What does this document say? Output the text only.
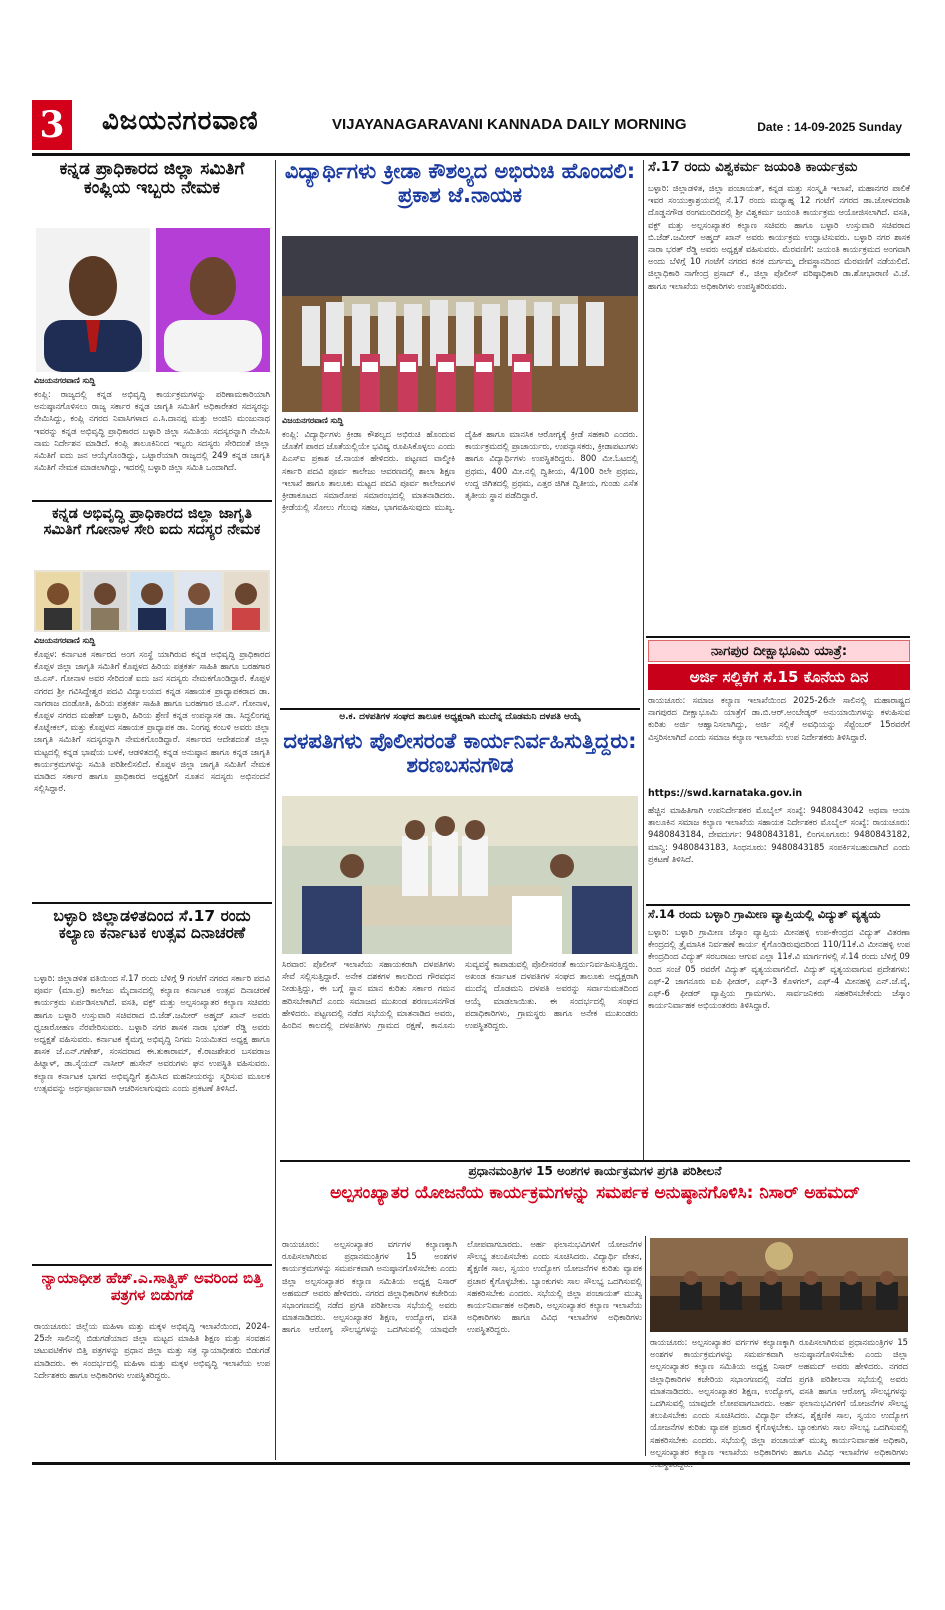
3 ವಿಜಯನಗರವಾಣಿ	VIJAYANAGARAVANI KANNADA DAILY MORNING	Date : 14-09-2025 Sunday
ಕನ್ನಡ ಪ್ರಾಧಿಕಾರದ ಜಿಲ್ಲಾ ಸಮಿತಿಗೆ ಕಂಪ್ಲಿಯ ಇಬ್ಬರು ನೇಮಕ
ವಿಜಯನಗರವಾಣಿ ಸುದ್ದಿ
ಕಂಪ್ಲಿ: ರಾಜ್ಯದಲ್ಲಿ ಕನ್ನಡ ಅಭಿವೃದ್ಧಿ ಕಾರ್ಯಕ್ರಮಗಳನ್ನು ಪರಿಣಾಮಕಾರಿಯಾಗಿ ಅನುಷ್ಠಾನಗೊಳಿಸಲು ರಾಜ್ಯ ಸರ್ಕಾರ ಕನ್ನಡ ಜಾಗೃತಿ ಸಮಿತಿಗೆ ಅಧಿಕಾರೇತರ ಸದಸ್ಯರನ್ನು ನೇಮಿಸಿದ್ದು, ಕಂಪ್ಲಿ ನಗರದ ನಿವಾಸಿಗಳಾದ ಎ.ಸಿ.ದಾನಪ್ಪ ಮತ್ತು ಅಂಜಿನಿ ಮಂಜುನಾಥ ಇವರನ್ನು ಕನ್ನಡ ಅಭಿವೃದ್ಧಿ ಪ್ರಾಧಿಕಾರದ ಬಳ್ಳಾರಿ ಜಿಲ್ಲಾ ಸಮಿತಿಯ ಸದಸ್ಯರನ್ನಾಗಿ ನೇಮಿಸಿ ನಾಮ ನಿರ್ದೇಶನ ಮಾಡಿದೆ. ಕಂಪ್ಲಿ ತಾಲೂಕಿನಿಂದ ಇಬ್ಬರು ಸದಸ್ಯರು ಸೇರಿದಂತೆ ಜಿಲ್ಲಾ ಸಮಿತಿಗೆ ಐದು ಜನ ಆಯ್ಕೆಗೊಂಡಿದ್ದು, ಒಟ್ಟಾರೆಯಾಗಿ ರಾಜ್ಯದಲ್ಲಿ 249 ಕನ್ನಡ ಜಾಗೃತಿ ಸಮಿತಿಗೆ ನೇಮಕ ಮಾಡಲಾಗಿದ್ದು, ಇದರಲ್ಲಿ ಬಳ್ಳಾರಿ ಜಿಲ್ಲಾ ಸಮಿತಿ ಒಂದಾಗಿದೆ.
ಕನ್ನಡ ಅಭಿವೃದ್ಧಿ ಪ್ರಾಧಿಕಾರದ ಜಿಲ್ಲಾ ಜಾಗೃತಿ ಸಮಿತಿಗೆ ಗೋನಾಳ ಸೇರಿ ಐದು ಸದಸ್ಯರ ನೇಮಕ
ವಿಜಯನಗರವಾಣಿ ಸುದ್ದಿ
ಕೊಪ್ಪಳ: ಕರ್ನಾಟಕ ಸರ್ಕಾರದ ಅಂಗ ಸಂಸ್ಥೆ ಯಾಗಿರುವ ಕನ್ನಡ ಅಭಿವೃದ್ಧಿ ಪ್ರಾಧಿಕಾರದ ಕೊಪ್ಪಳ ಜಿಲ್ಲಾ ಜಾಗೃತಿ ಸಮಿತಿಗೆ ಕೊಪ್ಪಳದ ಹಿರಿಯ ಪತ್ರಕರ್ತ ಸಾಹಿತಿ ಹಾಗೂ ಬರಹಗಾರ ಜಿ.ಎಸ್. ಗೋನಾಳ ಅವರ ಸೇರಿದಂತೆ ಐದು ಜನ ಸದಸ್ಯರು ನೇಮಕಗೊಂಡಿದ್ದಾರೆ. ಕೊಪ್ಪಳ ನಗರದ ಶ್ರೀ ಗವಿಸಿದ್ದೇಶ್ವರ ಪದವಿ ವಿದ್ಯಾಲಯದ ಕನ್ನಡ ಸಹಾಯಕ ಪ್ರಾಧ್ಯಾಪಕರಾದ ಡಾ. ನಾಗರಾಜ ದಂಡೋತಿ, ಹಿರಿಯ ಪತ್ರಕರ್ತ ಸಾಹಿತಿ ಹಾಗೂ ಬರಹಗಾರ ಜಿ.ಎಸ್. ಗೋನಾಳ, ಕೊಪ್ಪಳ ನಗರದ ಮಹೇಶ್ ಬಳ್ಳಾರಿ, ಹಿರಿಯ ಶ್ರೇಣಿ ಕನ್ನಡ ಉಪನ್ಯಾಸಕ ಡಾ. ಸಿದ್ಧಲಿಂಗಪ್ಪ ಕೊಟ್ನೇಕಲ್, ಮತ್ತು ಕೊಪ್ಪಳದ ಸಹಾಯಕ ಪ್ರಾಧ್ಯಾಪಕ ಡಾ. ನಿಂಗಪ್ಪ ಕಂಬಳಿ ಅವರು ಜಿಲ್ಲಾ ಜಾಗೃತಿ ಸಮಿತಿಗೆ ಸದಸ್ಯರನ್ನಾಗಿ ನೇಮಕಗೊಂಡಿದ್ದಾರೆ. ಸರ್ಕಾರದ ಆದೇಶದಂತೆ ಜಿಲ್ಲಾ ಮಟ್ಟದಲ್ಲಿ ಕನ್ನಡ ಭಾಷೆಯ ಬಳಕೆ, ಆಡಳಿತದಲ್ಲಿ ಕನ್ನಡ ಅನುಷ್ಠಾನ ಹಾಗೂ ಕನ್ನಡ ಜಾಗೃತಿ ಕಾರ್ಯಕ್ರಮಗಳನ್ನು ಸಮಿತಿ ಪರಿಶೀಲಿಸಲಿದೆ. ಕೊಪ್ಪಳ ಜಿಲ್ಲಾ ಜಾಗೃತಿ ಸಮಿತಿಗೆ ನೇಮಕ ಮಾಡಿದ ಸರ್ಕಾರ ಹಾಗೂ ಪ್ರಾಧಿಕಾರದ ಅಧ್ಯಕ್ಷರಿಗೆ ನೂತನ ಸದಸ್ಯರು ಅಭಿನಂದನೆ ಸಲ್ಲಿಸಿದ್ದಾರೆ.
ಬಳ್ಳಾರಿ ಜಿಲ್ಲಾಡಳಿತದಿಂದ ಸೆ.17 ರಂದು ಕಲ್ಯಾಣ ಕರ್ನಾಟಕ ಉತ್ಸವ ದಿನಾಚರಣೆ
ಬಳ್ಳಾರಿ: ಜಿಲ್ಲಾಡಳಿತ ವತಿಯಿಂದ ಸೆ.17 ರಂದು ಬೆಳಿಗ್ಗೆ 9 ಗಂಟೆಗೆ ನಗರದ ಸರ್ಕಾರಿ ಪದವಿ ಪೂರ್ವ (ಮಾ.ಪ್ರ) ಕಾಲೇಜು ಮೈದಾನದಲ್ಲಿ ಕಲ್ಯಾಣ ಕರ್ನಾಟಕ ಉತ್ಸವ ದಿನಾಚರಣೆ ಕಾರ್ಯಕ್ರಮ ಏರ್ಪಡಿಸಲಾಗಿದೆ. ವಸತಿ, ವಕ್ಫ್ ಮತ್ತು ಅಲ್ಪಸಂಖ್ಯಾತರ ಕಲ್ಯಾಣ ಸಚಿವರು ಹಾಗೂ ಬಳ್ಳಾರಿ ಉಸ್ತುವಾರಿ ಸಚಿವರಾದ ಬಿ.ಜೆಡ್.ಜಮೀರ್ ಅಹ್ಮದ್ ಖಾನ್ ಅವರು ಧ್ವಜಾರೋಹಣ ನೆರವೇರಿಸುವರು. ಬಳ್ಳಾರಿ ನಗರ ಶಾಸಕ ನಾರಾ ಭರತ್ ರೆಡ್ಡಿ ಅವರು ಅಧ್ಯಕ್ಷತೆ ವಹಿಸುವರು. ಕರ್ನಾಟಕ ಕೈಮಗ್ಗ ಅಭಿವೃದ್ಧಿ ನಿಗಮ ನಿಯಮಿತದ ಅಧ್ಯಕ್ಷ ಹಾಗೂ ಶಾಸಕ ಜೆ.ಎನ್.ಗಣೇಶ್, ಸಂಸದರಾದ ಈ.ತುಕಾರಾಮ್, ಕೆ.ರಾಜಶೇಖರ ಬಸವರಾಜ ಹಿಟ್ನಾಳ್, ಡಾ.ಸೈಯದ್ ನಾಸೀರ್ ಹುಸೇನ್ ಅವರುಗಳು ಘನ ಉಪಸ್ಥಿತಿ ವಹಿಸುವರು. ಕಲ್ಯಾಣ ಕರ್ನಾಟಕ ಭಾಗದ ಅಭಿವೃದ್ಧಿಗೆ ಶ್ರಮಿಸಿದ ಮಹನೀಯರನ್ನು ಸ್ಮರಿಸುವ ಮೂಲಕ ಉತ್ಸವವನ್ನು ಅರ್ಥಪೂರ್ಣವಾಗಿ ಆಚರಿಸಲಾಗುವುದು ಎಂದು ಪ್ರಕಟಣೆ ತಿಳಿಸಿದೆ.
ನ್ಯಾಯಾಧೀಶ ಹೆಚ್.ಎ.ಸಾತ್ವಿಕ್ ಅವರಿಂದ ಬಿತ್ತಿ ಪತ್ರಗಳ ಬಿಡುಗಡೆ
ರಾಯಚೂರು: ಜಿಲ್ಲೆಯ ಮಹಿಳಾ ಮತ್ತು ಮಕ್ಕಳ ಅಭಿವೃದ್ಧಿ ಇಲಾಖೆಯಿಂದ, 2024-25ನೇ ಸಾಲಿನಲ್ಲಿ ಬಿಡುಗಡೆಯಾದ ಜಿಲ್ಲಾ ಮಟ್ಟದ ಮಾಹಿತಿ ಶಿಕ್ಷಣ ಮತ್ತು ಸಂವಹನ ಚಟುವಟಿಕೆಗಳ ಬಿತ್ತಿ ಪತ್ರಗಳನ್ನು ಪ್ರಧಾನ ಜಿಲ್ಲಾ ಮತ್ತು ಸತ್ರ ನ್ಯಾಯಾಧೀಶರು ಬಿಡುಗಡೆ ಮಾಡಿದರು. ಈ ಸಂದರ್ಭದಲ್ಲಿ ಮಹಿಳಾ ಮತ್ತು ಮಕ್ಕಳ ಅಭಿವೃದ್ಧಿ ಇಲಾಖೆಯ ಉಪ ನಿರ್ದೇಶಕರು ಹಾಗೂ ಅಧಿಕಾರಿಗಳು ಉಪಸ್ಥಿತರಿದ್ದರು.
ವಿದ್ಯಾರ್ಥಿಗಳು ಕ್ರೀಡಾ ಕೌಶಲ್ಯದ ಅಭಿರುಚಿ ಹೊಂದಲಿ: ಪ್ರಕಾಶ ಜೆ.ನಾಯಕ
ವಿಜಯನಗರವಾಣಿ ಸುದ್ದಿ
ಕಂಪ್ಲಿ: ವಿದ್ಯಾರ್ಥಿಗಳು ಕ್ರೀಡಾ ಕೌಶಲ್ಯದ ಅಭಿರುಚಿ ಹೊಂದುವ ಜೊತೆಗೆ ಪಾಠದ ಜೊತೆಯಲ್ಲಿಯೇ ಭವಿಷ್ಯ ರೂಪಿಸಿಕೊಳ್ಳಲು ಎಂದು ಪಿಎಸ್ಐ ಪ್ರಕಾಶ ಜೆ.ನಾಯಕ ಹೇಳಿದರು. ಪಟ್ಟಣದ ವಾಲ್ಮೀಕಿ ಸರ್ಕಾರಿ ಪದವಿ ಪೂರ್ವ ಕಾಲೇಜು ಆವರಣದಲ್ಲಿ ಶಾಲಾ ಶಿಕ್ಷಣ ಇಲಾಖೆ ಹಾಗೂ ತಾಲೂಕು ಮಟ್ಟದ ಪದವಿ ಪೂರ್ವ ಕಾಲೇಜುಗಳ ಕ್ರೀಡಾಕೂಟದ ಸಮಾರೋಪ ಸಮಾರಂಭದಲ್ಲಿ ಮಾತನಾಡಿದರು. ಕ್ರೀಡೆಯಲ್ಲಿ ಸೋಲು ಗೆಲುವು ಸಹಜ, ಭಾಗವಹಿಸುವುದು ಮುಖ್ಯ. ದೈಹಿಕ ಹಾಗೂ ಮಾನಸಿಕ ಆರೋಗ್ಯಕ್ಕೆ ಕ್ರೀಡೆ ಸಹಕಾರಿ ಎಂದರು. ಕಾರ್ಯಕ್ರಮದಲ್ಲಿ ಪ್ರಾಚಾರ್ಯರು, ಉಪನ್ಯಾಸಕರು, ಕ್ರೀಡಾಪಟುಗಳು ಹಾಗೂ ವಿದ್ಯಾರ್ಥಿಗಳು ಉಪಸ್ಥಿತರಿದ್ದರು. 800 ಮೀ.ಓಟದಲ್ಲಿ ಪ್ರಥಮ, 400 ಮೀ.ನಲ್ಲಿ ದ್ವಿತೀಯ, 4/100 ರಿಲೇ ಪ್ರಥಮ, ಉದ್ದ ಜಿಗಿತದಲ್ಲಿ ಪ್ರಥಮ, ಎತ್ತರ ಜಿಗಿತ ದ್ವಿತೀಯ, ಗುಂಡು ಎಸೆತ ತೃತೀಯ ಸ್ಥಾನ ಪಡೆದಿದ್ದಾರೆ.
ಅ.ಕ. ದಳಪತಿಗಳ ಸಂಘದ ತಾಲೂಕ ಅಧ್ಯಕ್ಷರಾಗಿ ಮುದೆನ್ನ ದೊಡಮನಿ ದಳಪತಿ ಆಯ್ಕೆ
ದಳಪತಿಗಳು ಪೊಲೀಸರಂತೆ ಕಾರ್ಯನಿರ್ವಹಿಸುತ್ತಿದ್ದರು: ಶರಣಬಸನಗೌಡ
ಸಿರವಾರ: ಪೊಲೀಸ್ ಇಲಾಖೆಯ ಸಹಾಯಕರಾಗಿ ದಳಪತಿಗಳು ಸೇವೆ ಸಲ್ಲಿಸುತ್ತಿದ್ದಾರೆ. ಅನೇಕ ದಶಕಗಳ ಕಾಲದಿಂದ ಗೌರವಧನ ನೀಡುತ್ತಿದ್ದು, ಈ ಬಗ್ಗೆ ಸ್ಥಾನ ಮಾನ ಕುರಿತು ಸರ್ಕಾರ ಗಮನ ಹರಿಸಬೇಕಾಗಿದೆ ಎಂದು ಸಮಾಜದ ಮುಖಂಡ ಶರಣಬಸನಗೌಡ ಹೇಳಿದರು. ಪಟ್ಟಣದಲ್ಲಿ ನಡೆದ ಸಭೆಯಲ್ಲಿ ಮಾತನಾಡಿದ ಅವರು, ಹಿಂದಿನ ಕಾಲದಲ್ಲಿ ದಳಪತಿಗಳು ಗ್ರಾಮದ ರಕ್ಷಣೆ, ಕಾನೂನು ಸುವ್ಯವಸ್ಥೆ ಕಾಪಾಡುವಲ್ಲಿ ಪೊಲೀಸರಂತೆ ಕಾರ್ಯನಿರ್ವಹಿಸುತ್ತಿದ್ದರು. ಅಖಂಡ ಕರ್ನಾಟಕ ದಳಪತಿಗಳ ಸಂಘದ ತಾಲೂಕು ಅಧ್ಯಕ್ಷರಾಗಿ ಮುದೆನ್ನ ದೊಡಮನಿ ದಳಪತಿ ಅವರನ್ನು ಸರ್ವಾನುಮತದಿಂದ ಆಯ್ಕೆ ಮಾಡಲಾಯಿತು. ಈ ಸಂದರ್ಭದಲ್ಲಿ ಸಂಘದ ಪದಾಧಿಕಾರಿಗಳು, ಗ್ರಾಮಸ್ಥರು ಹಾಗೂ ಅನೇಕ ಮುಖಂಡರು ಉಪಸ್ಥಿತರಿದ್ದರು.
ಸೆ.17 ರಂದು ವಿಶ್ವಕರ್ಮ ಜಯಂತಿ ಕಾರ್ಯಕ್ರಮ
ಬಳ್ಳಾರಿ: ಜಿಲ್ಲಾಡಳಿತ, ಜಿಲ್ಲಾ ಪಂಚಾಯತ್, ಕನ್ನಡ ಮತ್ತು ಸಂಸ್ಕೃತಿ ಇಲಾಖೆ, ಮಹಾನಗರ ಪಾಲಿಕೆ ಇವರ ಸಂಯುಕ್ತಾಶ್ರಯದಲ್ಲಿ ಸೆ.17 ರಂದು ಮಧ್ಯಾಹ್ನ 12 ಗಂಟೆಗೆ ನಗರದ ಡಾ.ಜೋಳದರಾಶಿ ದೊಡ್ಡನಗೌಡ ರಂಗಮಂದಿರದಲ್ಲಿ ಶ್ರೀ ವಿಶ್ವಕರ್ಮ ಜಯಂತಿ ಕಾರ್ಯಕ್ರಮ ಆಯೋಜಿಸಲಾಗಿದೆ. ವಸತಿ, ವಕ್ಫ್ ಮತ್ತು ಅಲ್ಪಸಂಖ್ಯಾತರ ಕಲ್ಯಾಣ ಸಚಿವರು ಹಾಗೂ ಬಳ್ಳಾರಿ ಉಸ್ತುವಾರಿ ಸಚಿವರಾದ ಬಿ.ಜೆಡ್.ಜಮೀರ್ ಅಹ್ಮದ್ ಖಾನ್ ಅವರು ಕಾರ್ಯಕ್ರಮ ಉದ್ಘಾಟಿಸುವರು. ಬಳ್ಳಾರಿ ನಗರ ಶಾಸಕ ನಾರಾ ಭರತ್ ರೆಡ್ಡಿ ಅವರು ಅಧ್ಯಕ್ಷತೆ ವಹಿಸುವರು. ಮೆರವಣಿಗೆ: ಜಯಂತಿ ಕಾರ್ಯಕ್ರಮದ ಅಂಗವಾಗಿ ಅಂದು ಬೆಳಿಗ್ಗೆ 10 ಗಂಟೆಗೆ ನಗರದ ಕನಕ ದುರ್ಗಮ್ಮ ದೇವಸ್ಥಾನದಿಂದ ಮೆರವಣಿಗೆ ನಡೆಯಲಿದೆ. ಜಿಲ್ಲಾಧಿಕಾರಿ ನಾಗೇಂದ್ರ ಪ್ರಸಾದ್ ಕೆ., ಜಿಲ್ಲಾ ಪೊಲೀಸ್ ವರಿಷ್ಠಾಧಿಕಾರಿ ಡಾ.ಶೋಭಾರಾಣಿ ವಿ.ಜೆ. ಹಾಗೂ ಇಲಾಖೆಯ ಅಧಿಕಾರಿಗಳು ಉಪಸ್ಥಿತರಿರುವರು.
ನಾಗಪುರ ದೀಕ್ಷಾಭೂಮಿ ಯಾತ್ರೆ:
ಅರ್ಜಿ ಸಲ್ಲಿಕೆಗೆ ಸೆ.15 ಕೊನೆಯ ದಿನ
ರಾಯಚೂರು: ಸಮಾಜ ಕಲ್ಯಾಣ ಇಲಾಖೆಯಿಂದ 2025-26ನೇ ಸಾಲಿನಲ್ಲಿ ಮಹಾರಾಷ್ಟ್ರದ ನಾಗಪುರದ ದೀಕ್ಷಾಭೂಮಿ ಯಾತ್ರೆಗೆ ಡಾ.ಬಿ.ಆರ್.ಅಂಬೇಡ್ಕರ್ ಅನುಯಾಯಿಗಳನ್ನು ಕಳುಹಿಸುವ ಕುರಿತು ಅರ್ಜಿ ಆಹ್ವಾನಿಸಲಾಗಿದ್ದು, ಅರ್ಜಿ ಸಲ್ಲಿಕೆ ಅವಧಿಯನ್ನು ಸೆಪ್ಟೆಂಬರ್ 15ರವರೆಗೆ ವಿಸ್ತರಿಸಲಾಗಿದೆ ಎಂದು ಸಮಾಜ ಕಲ್ಯಾಣ ಇಲಾಖೆಯ ಉಪ ನಿರ್ದೇಶಕರು ತಿಳಿಸಿದ್ದಾರೆ.
https://swd.karnataka.gov.in
ಹೆಚ್ಚಿನ ಮಾಹಿತಿಗಾಗಿ ಉಪನಿರ್ದೇಶಕರ ಮೊಬೈಲ್ ಸಂಖ್ಯೆ: 9480843042 ಅಥವಾ ಆಯಾ ತಾಲೂಕಿನ ಸಮಾಜ ಕಲ್ಯಾಣ ಇಲಾಖೆಯ ಸಹಾಯಕ ನಿರ್ದೇಶಕರ ಮೊಬೈಲ್ ಸಂಖ್ಯೆ: ರಾಯಚೂರು: 9480843184, ದೇವದುರ್ಗ: 9480843181, ಲಿಂಗಸೂಗೂರು: 9480843182, ಮಾನ್ವಿ: 9480843183, ಸಿಂಧನೂರು: 9480843185 ಸಂಪರ್ಕಿಸಬಹುದಾಗಿದೆ ಎಂದು ಪ್ರಕಟಣೆ ತಿಳಿಸಿದೆ.
ಸೆ.14 ರಂದು ಬಳ್ಳಾರಿ ಗ್ರಾಮೀಣ ವ್ಯಾಪ್ತಿಯಲ್ಲಿ ವಿದ್ಯುತ್ ವ್ಯತ್ಯಯ
ಬಳ್ಳಾರಿ: ಬಳ್ಳಾರಿ ಗ್ರಾಮೀಣ ಜೆಸ್ಕಾಂ ವ್ಯಾಪ್ತಿಯ ಮೀನಹಳ್ಳಿ ಉಪ-ಕೇಂದ್ರದ ವಿದ್ಯುತ್ ವಿತರಣಾ ಕೇಂದ್ರದಲ್ಲಿ ತ್ರೈಮಾಸಿಕ ನಿರ್ವಹಣೆ ಕಾರ್ಯ ಕೈಗೊಂಡಿರುವುದರಿಂದ 110/11ಕೆ.ವಿ ಮೀನಹಳ್ಳಿ ಉಪ ಕೇಂದ್ರದಿಂದ ವಿದ್ಯುತ್ ಸರಬರಾಜು ಆಗುವ ಎಲ್ಲಾ 11ಕೆ.ವಿ ಮಾರ್ಗಗಳಲ್ಲಿ ಸೆ.14 ರಂದು ಬೆಳಿಗ್ಗೆ 09 ರಿಂದ ಸಂಜೆ 05 ರವರೆಗೆ ವಿದ್ಯುತ್ ವ್ಯತ್ಯಯವಾಗಲಿದೆ. ವಿದ್ಯುತ್ ವ್ಯತ್ಯಯವಾಗುವ ಪ್ರದೇಶಗಳು: ಎಫ್-2 ಜಾಗನೂರು ಐಪಿ ಫೀಡರ್, ಎಫ್-3 ಕೊಳಗಲ್, ಎಫ್-4 ಮೀನಹಳ್ಳಿ ಎನ್.ಜೆ.ವೈ, ಎಫ್-6 ಫೀಡರ್ ವ್ಯಾಪ್ತಿಯ ಗ್ರಾಮಗಳು. ಸಾರ್ವಜನಿಕರು ಸಹಕರಿಸಬೇಕೆಂದು ಜೆಸ್ಕಾಂ ಕಾರ್ಯನಿರ್ವಾಹಕ ಅಭಿಯಂತರರು ತಿಳಿಸಿದ್ದಾರೆ.
ಪ್ರಧಾನಮಂತ್ರಿಗಳ 15 ಅಂಶಗಳ ಕಾರ್ಯಕ್ರಮಗಳ ಪ್ರಗತಿ ಪರಿಶೀಲನೆ
ಅಲ್ಪಸಂಖ್ಯಾತರ ಯೋಜನೆಯ ಕಾರ್ಯಕ್ರಮಗಳನ್ನು ಸಮರ್ಪಕ ಅನುಷ್ಠಾನಗೊಳಿಸಿ: ನಿಸಾರ್ ಅಹಮದ್
ರಾಯಚೂರು: ಅಲ್ಪಸಂಖ್ಯಾತರ ವರ್ಗಗಳ ಕಲ್ಯಾಣಕ್ಕಾಗಿ ರೂಪಿಸಲಾಗಿರುವ ಪ್ರಧಾನಮಂತ್ರಿಗಳ 15 ಅಂಶಗಳ ಕಾರ್ಯಕ್ರಮಗಳನ್ನು ಸಮರ್ಪಕವಾಗಿ ಅನುಷ್ಠಾನಗೊಳಿಸಬೇಕು ಎಂದು ಜಿಲ್ಲಾ ಅಲ್ಪಸಂಖ್ಯಾತರ ಕಲ್ಯಾಣ ಸಮಿತಿಯ ಅಧ್ಯಕ್ಷ ನಿಸಾರ್ ಅಹಮದ್ ಅವರು ಹೇಳಿದರು. ನಗರದ ಜಿಲ್ಲಾಧಿಕಾರಿಗಳ ಕಚೇರಿಯ ಸಭಾಂಗಣದಲ್ಲಿ ನಡೆದ ಪ್ರಗತಿ ಪರಿಶೀಲನಾ ಸಭೆಯಲ್ಲಿ ಅವರು ಮಾತನಾಡಿದರು. ಅಲ್ಪಸಂಖ್ಯಾತರ ಶಿಕ್ಷಣ, ಉದ್ಯೋಗ, ವಸತಿ ಹಾಗೂ ಆರೋಗ್ಯ ಸೌಲಭ್ಯಗಳನ್ನು ಒದಗಿಸುವಲ್ಲಿ ಯಾವುದೇ ಲೋಪವಾಗಬಾರದು. ಅರ್ಹ ಫಲಾನುಭವಿಗಳಿಗೆ ಯೋಜನೆಗಳ ಸೌಲಭ್ಯ ತಲುಪಿಸಬೇಕು ಎಂದು ಸೂಚಿಸಿದರು. ವಿದ್ಯಾರ್ಥಿ ವೇತನ, ಶೈಕ್ಷಣಿಕ ಸಾಲ, ಸ್ವಯಂ ಉದ್ಯೋಗ ಯೋಜನೆಗಳ ಕುರಿತು ವ್ಯಾಪಕ ಪ್ರಚಾರ ಕೈಗೊಳ್ಳಬೇಕು. ಬ್ಯಾಂಕುಗಳು ಸಾಲ ಸೌಲಭ್ಯ ಒದಗಿಸುವಲ್ಲಿ ಸಹಕರಿಸಬೇಕು ಎಂದರು. ಸಭೆಯಲ್ಲಿ ಜಿಲ್ಲಾ ಪಂಚಾಯತ್ ಮುಖ್ಯ ಕಾರ್ಯನಿರ್ವಾಹಕ ಅಧಿಕಾರಿ, ಅಲ್ಪಸಂಖ್ಯಾತರ ಕಲ್ಯಾಣ ಇಲಾಖೆಯ ಅಧಿಕಾರಿಗಳು ಹಾಗೂ ವಿವಿಧ ಇಲಾಖೆಗಳ ಅಧಿಕಾರಿಗಳು ಉಪಸ್ಥಿತರಿದ್ದರು.
ರಾಯಚೂರು: ಅಲ್ಪಸಂಖ್ಯಾತರ ವರ್ಗಗಳ ಕಲ್ಯಾಣಕ್ಕಾಗಿ ರೂಪಿಸಲಾಗಿರುವ ಪ್ರಧಾನಮಂತ್ರಿಗಳ 15 ಅಂಶಗಳ ಕಾರ್ಯಕ್ರಮಗಳನ್ನು ಸಮರ್ಪಕವಾಗಿ ಅನುಷ್ಠಾನಗೊಳಿಸಬೇಕು ಎಂದು ಜಿಲ್ಲಾ ಅಲ್ಪಸಂಖ್ಯಾತರ ಕಲ್ಯಾಣ ಸಮಿತಿಯ ಅಧ್ಯಕ್ಷ ನಿಸಾರ್ ಅಹಮದ್ ಅವರು ಹೇಳಿದರು. ನಗರದ ಜಿಲ್ಲಾಧಿಕಾರಿಗಳ ಕಚೇರಿಯ ಸಭಾಂಗಣದಲ್ಲಿ ನಡೆದ ಪ್ರಗತಿ ಪರಿಶೀಲನಾ ಸಭೆಯಲ್ಲಿ ಅವರು ಮಾತನಾಡಿದರು. ಅಲ್ಪಸಂಖ್ಯಾತರ ಶಿಕ್ಷಣ, ಉದ್ಯೋಗ, ವಸತಿ ಹಾಗೂ ಆರೋಗ್ಯ ಸೌಲಭ್ಯಗಳನ್ನು ಒದಗಿಸುವಲ್ಲಿ ಯಾವುದೇ ಲೋಪವಾಗಬಾರದು. ಅರ್ಹ ಫಲಾನುಭವಿಗಳಿಗೆ ಯೋಜನೆಗಳ ಸೌಲಭ್ಯ ತಲುಪಿಸಬೇಕು ಎಂದು ಸೂಚಿಸಿದರು. ವಿದ್ಯಾರ್ಥಿ ವೇತನ, ಶೈಕ್ಷಣಿಕ ಸಾಲ, ಸ್ವಯಂ ಉದ್ಯೋಗ ಯೋಜನೆಗಳ ಕುರಿತು ವ್ಯಾಪಕ ಪ್ರಚಾರ ಕೈಗೊಳ್ಳಬೇಕು. ಬ್ಯಾಂಕುಗಳು ಸಾಲ ಸೌಲಭ್ಯ ಒದಗಿಸುವಲ್ಲಿ ಸಹಕರಿಸಬೇಕು ಎಂದರು. ಸಭೆಯಲ್ಲಿ ಜಿಲ್ಲಾ ಪಂಚಾಯತ್ ಮುಖ್ಯ ಕಾರ್ಯನಿರ್ವಾಹಕ ಅಧಿಕಾರಿ, ಅಲ್ಪಸಂಖ್ಯಾತರ ಕಲ್ಯಾಣ ಇಲಾಖೆಯ ಅಧಿಕಾರಿಗಳು ಹಾಗೂ ವಿವಿಧ ಇಲಾಖೆಗಳ ಅಧಿಕಾರಿಗಳು
